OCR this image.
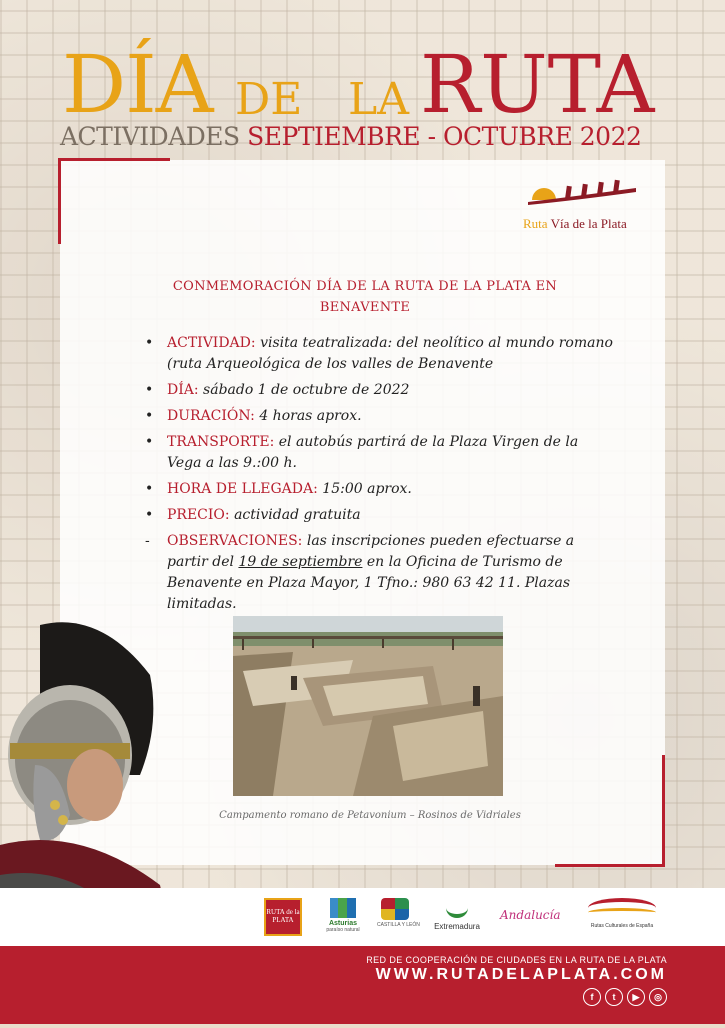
DÍA DE LA RUTA
ACTIVIDADES SEPTIEMBRE - OCTUBRE 2022
Ruta Vía de la Plata
CONMEMORACIÓN DÍA DE LA RUTA DE LA PLATA EN
BENAVENTE
• ACTIVIDAD: visita teatralizada: del neolítico al mundo romano (ruta Arqueológica de los valles de Benavente
• DÍA: sábado 1 de octubre de 2022
• DURACIÓN: 4 horas aprox.
• TRANSPORTE: el autobús partirá de la Plaza Virgen de la Vega a las 9.:00 h.
• HORA DE LLEGADA: 15:00 aprox.
• PRECIO: actividad gratuita
- OBSERVACIONES: las inscripciones pueden efectuarse a partir del 19 de septiembre en la Oficina de Turismo de Benavente en Plaza Mayor, 1 Tfno.: 980 63 42 11. Plazas limitadas.
Campamento romano de Petavonium – Rosinos de Vidriales
RUTA de la PLATA	Asturias
paraíso natural
CASTILLA Y LEÓN	Extremadura
Andalucía
Rutas Culturales de España
RED DE COOPERACIÓN DE CIUDADES EN LA RUTA DE LA PLATA
WWW.RUTADELAPLATA.COM
f	t	▶	◎
